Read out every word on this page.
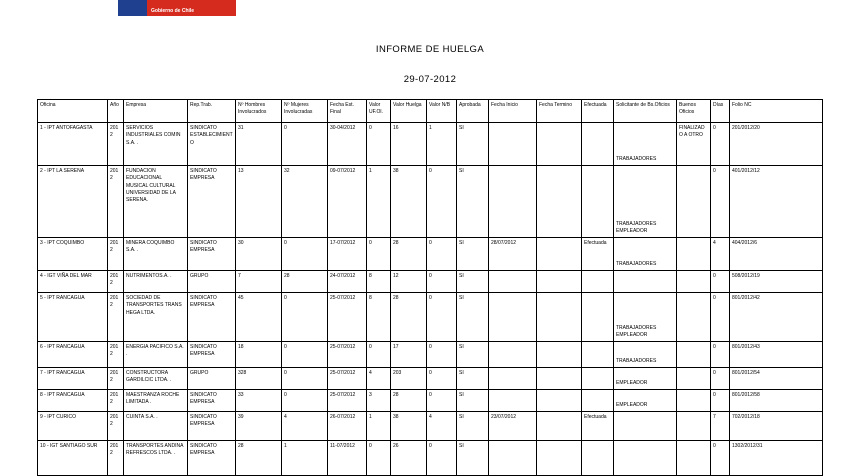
Gobierno de Chile
INFORME DE HUELGA
29-07-2012
Oficina	Año	Empresa	Rep.Trab.	Nº Hombres Involucrados	Nº Mujeres Involucradas	Fecha Est. Final	Valor UF.Ol.	Valor Huelga	Valor N/B	Aprobada	Fecha Inicio	Fecha Termino	Efectuada	Solicitante de Bs.Oficios	Buenos Oficios	Días	Folio NC
1 - IPT ANTOFAGASTA	2012	SERVICIOS INDUSTRIALES COMIN S.A. .	SINDICATO ESTABLECIMIENTO	31	0	30-04/2012	0	16	1	SI				TRABAJADORES	FINALIZADO A OTRO	0	201/2012/20
2 - IPT LA SERENA	2012	FUNDACION EDUCACIONAL MUSICAL CULTURAL UNIVERSIDAD DE LA SERENA.	SINDICATO EMPRESA	13	32	09-07/2012	1	38	0	SI				TRABAJADORES EMPLEADOR		0	401/2012/12
3 - IPT COQUIMBO	2012	MINERA COQUIMBO S.A. .	SINDICATO EMPRESA	30	0	17-07/2012	0	28	0	SI	28/07/2012		Efectuada	TRABAJADORES		4	404/2012/6
4 - IGT VIÑA DEL MAR	2012	NUTRIMENTOS.A. .	GRUPO	7	28	24-07/2012	8	12	0	SI						0	508/2012/19
5 - IPT RANCAGUA	2012	SOCIEDAD DE TRANSPORTES TRANS HEGA LTDA.	SINDICATO EMPRESA	45	0	25-07/2012	8	28	0	SI				TRABAJADORES EMPLEADOR		0	801/2012/42
6 - IPT RANCAGUA	2012	ENERGIA PACIFICO S.A. .	SINDICATO EMPRESA	18	0	25-07/2012	0	17	0	SI				TRABAJADORES		0	801/2012/43
7 - IPT RANCAGUA	2012	CONSTRUCTORA GARDILCIC LTDA. .	GRUPO	328	0	25-07/2012	4	203	0	SI				EMPLEADOR		0	801/2012/54
8 - IPT RANCAGUA	2012	MAESTRANZA ROCHE LIMITADA .	SINDICATO EMPRESA	33	0	25-07/2012	3	28	0	SI				EMPLEADOR		0	801/2012/58
9 - IPT CURICO	2012	CUINTA S.A. .	SINDICATO EMPRESA	39	4	26-07/2012	1	38	4	SI	23/07/2012		Efectuada			7	702/2012/18
10 - IGT SANTIAGO SUR	2012	TRANSPORTES ANDINA REFRESCOS LTDA. .	SINDICATO EMPRESA	28	1	11-07/2012	0	26	0	SI						0	1302/2012/31
